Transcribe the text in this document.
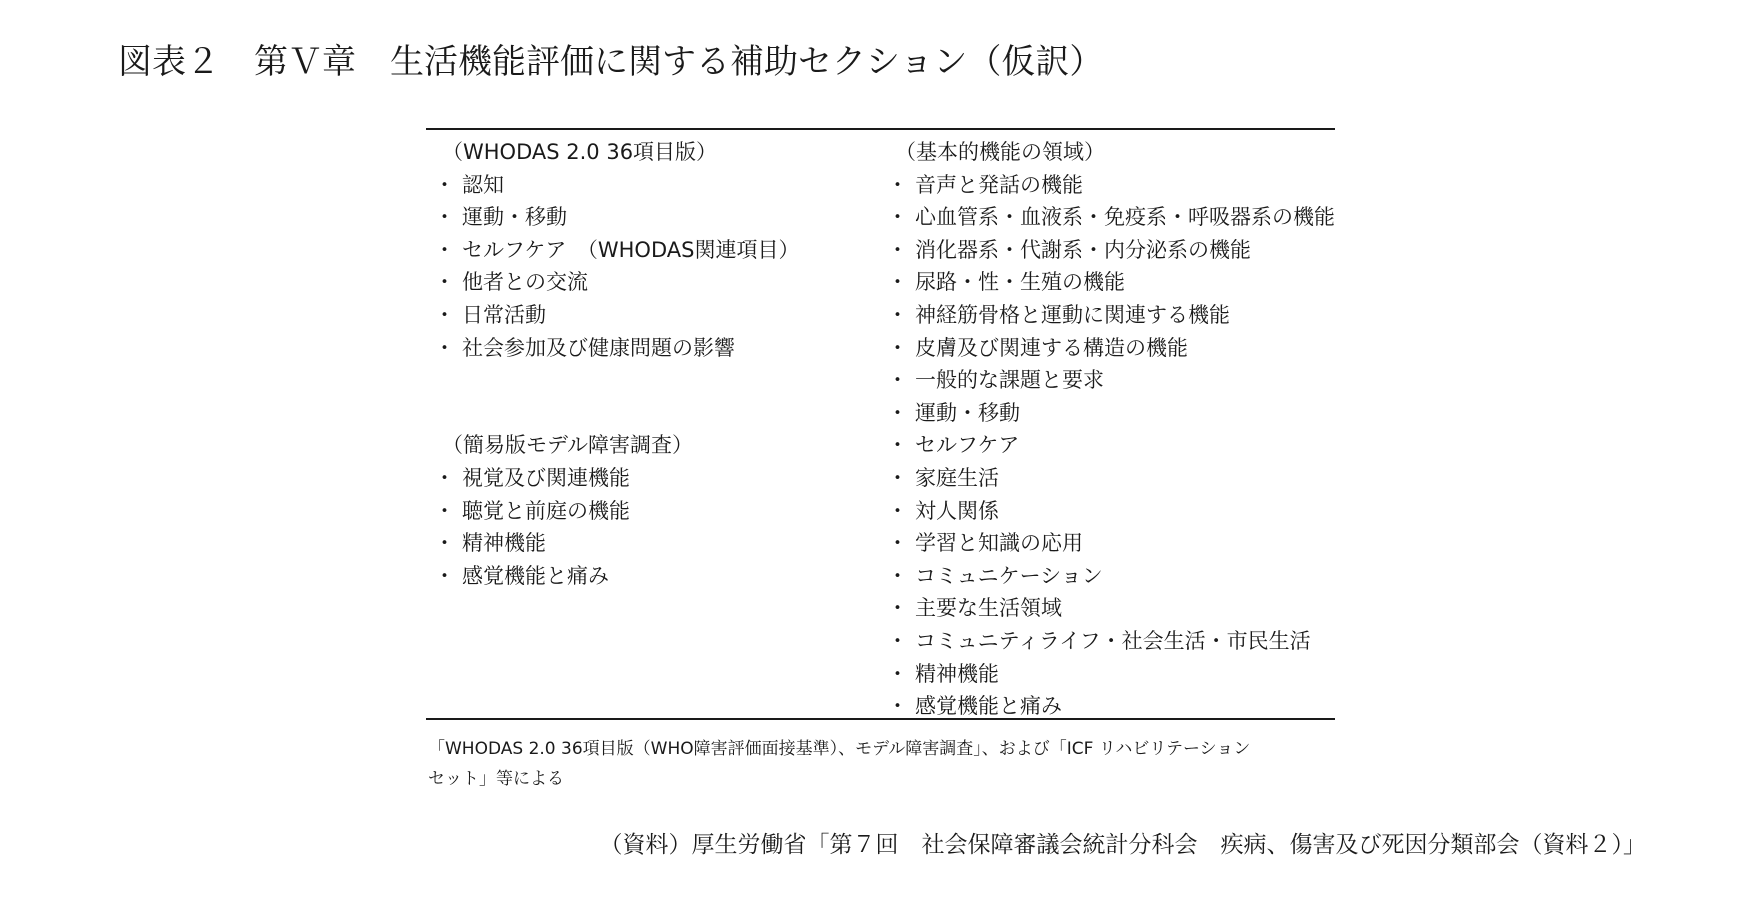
図表２　第Ｖ章　生活機能評価に関する補助セクション（仮訳）
（WHODAS 2.0 36項目版）
・ 認知
・ 運動・移動
・ セルフケア　（WHODAS関連項目）
・ 他者との交流
・ 日常活動
・ 社会参加及び健康問題の影響
（簡易版モデル障害調査）
・ 視覚及び関連機能
・ 聴覚と前庭の機能
・ 精神機能
・ 感覚機能と痛み
（基本的機能の領域）
・ 音声と発話の機能
・ 心血管系・血液系・免疫系・呼吸器系の機能
・ 消化器系・代謝系・内分泌系の機能
・ 尿路・性・生殖の機能
・ 神経筋骨格と運動に関連する機能
・ 皮膚及び関連する構造の機能
・ 一般的な課題と要求
・ 運動・移動
・ セルフケア
・ 家庭生活
・ 対人関係
・ 学習と知識の応用
・ コミュニケーション
・ 主要な生活領域
・ コミュニティライフ・社会生活・市民生活
・ 精神機能
・ 感覚機能と痛み
「WHODAS 2.0 36項目版（WHO障害評価面接基準）、モデル障害調査」、および「ICF リハビリテーション
セット」等による
（資料）厚生労働省「第７回　社会保障審議会統計分科会　疾病、傷害及び死因分類部会（資料２）」
